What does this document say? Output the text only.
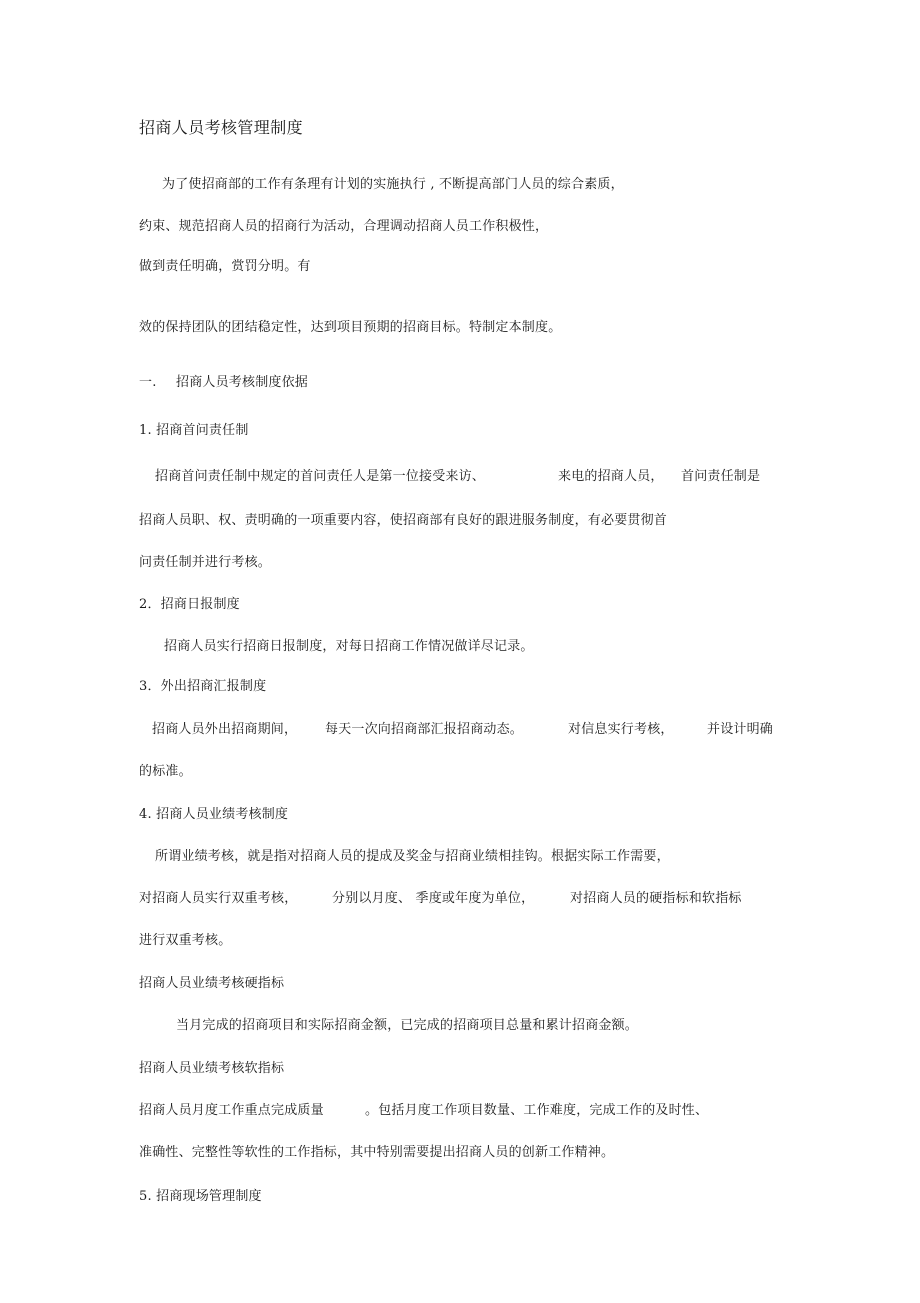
招商人员考核管理制度
为了使招商部的工作有条理有计划的实施执行 , 不断提高部门人员的综合素质，
约束、规范招商人员的招商行为活动，合理调动招商人员工作积极性，
做到责任明确，赏罚分明。有
效的保持团队的团结稳定性，达到项目预期的招商目标。特制定本制度。
一. 招商人员考核制度依据
1. 招商首问责任制
招商首问责任制中规定的首问责任人是第一位接受来访、	来电的招商人员， 首问责任制是
招商人员职、权、责明确的一项重要内容，使招商部有良好的跟进服务制度，有必要贯彻首
问责任制并进行考核。
2．招商日报制度
招商人员实行招商日报制度，对每日招商工作情况做详尽记录。
3．外出招商汇报制度
招商人员外出招商期间， 每天一次向招商部汇报招商动态。	对信息实行考核，	并设计明确
的标准。
4. 招商人员业绩考核制度
所谓业绩考核，就是指对招商人员的提成及奖金与招商业绩相挂钩。根据实际工作需要，
对招商人员实行双重考核，	分别以月度、 季度或年度为单位，	对招商人员的硬指标和软指标
进行双重考核。
招商人员业绩考核硬指标
当月完成的招商项目和实际招商金额，已完成的招商项目总量和累计招商金额。
招商人员业绩考核软指标
招商人员月度工作重点完成质量	。包括月度工作项目数量、工作难度，完成工作的及时性、
准确性、完整性等软性的工作指标，其中特别需要提出招商人员的创新工作精神。
5. 招商现场管理制度
